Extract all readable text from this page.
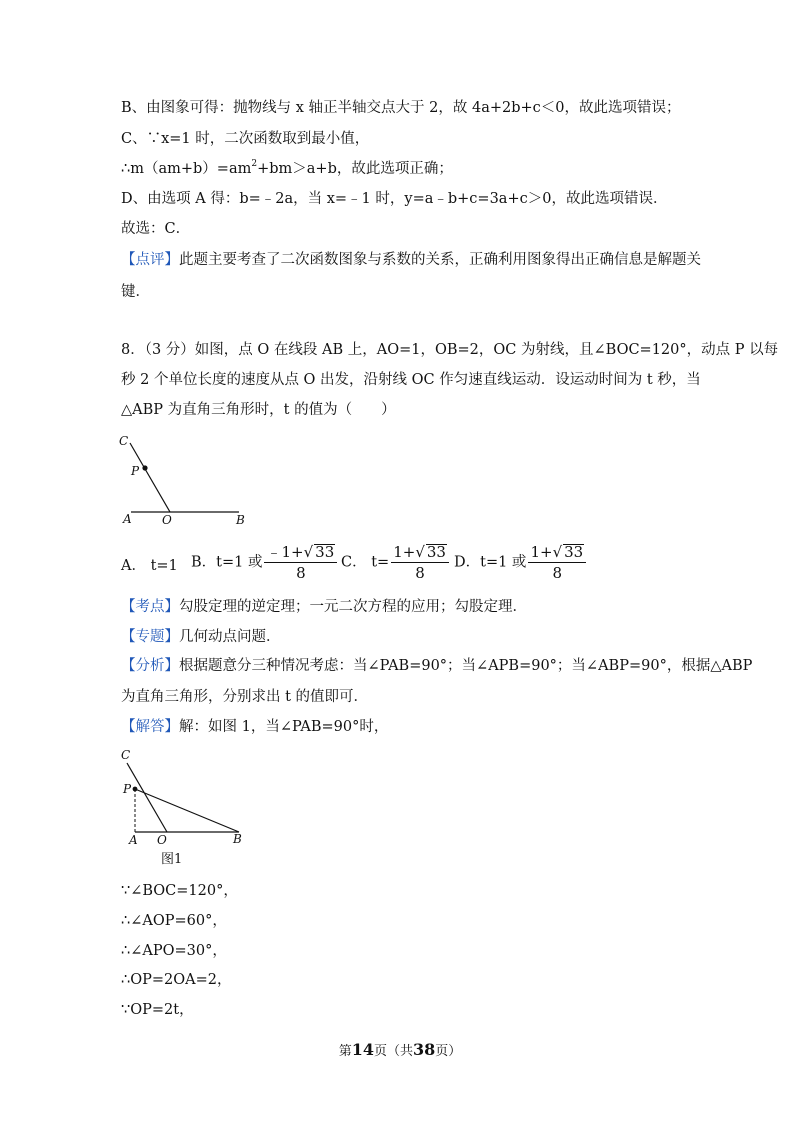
B、由图象可得：抛物线与 x 轴正半轴交点大于 2，故 4a+2b+c＜0，故此选项错误；
C、∵x=1 时，二次函数取到最小值，
$\therefore m(am+b)=am^2+bm>a+b$，故此选项正确；
D、由选项 A 得：b=﹣2a，当 x=﹣1 时，y=a﹣b+c=3a+c＞0，故此选项错误．
故选：C．
【点评】此题主要考查了二次函数图象与系数的关系，正确利用图象得出正确信息是解题关
键．
8．（3 分）如图，点 O 在线段 AB 上，AO=1，OB=2，OC 为射线，且∠BOC=120°，动点 P 以每
秒 2 个单位长度的速度从点 O 出发，沿射线 OC 作匀速直线运动．设运动时间为 t 秒，当
△ABP 为直角三角形时，t 的值为（　　）
C
P
A	O	B
A． t=1 B．t=1 或 $\frac{﹣1+√ 33}{8}$ C． $t= \frac{1+√ 33}{8}$ D．t=1 或 $\frac{1+√ 33}{8}$
【考点】勾股定理的逆定理；一元二次方程的应用；勾股定理．
【专题】几何动点问题．
【分析】根据题意分三种情况考虑：当∠PAB=90°；当∠APB=90°；当∠ABP=90°，根据△ABP
为直角三角形，分别求出 t 的值即可．
【解答】解：如图 1，当∠PAB=90°时，
C
P
A O	B
图1
∵∠BOC=120°，
∴∠AOP=60°，
∴∠APO=30°，
∴OP=2OA=2，
∵OP=2t，
第14页（共38页）
